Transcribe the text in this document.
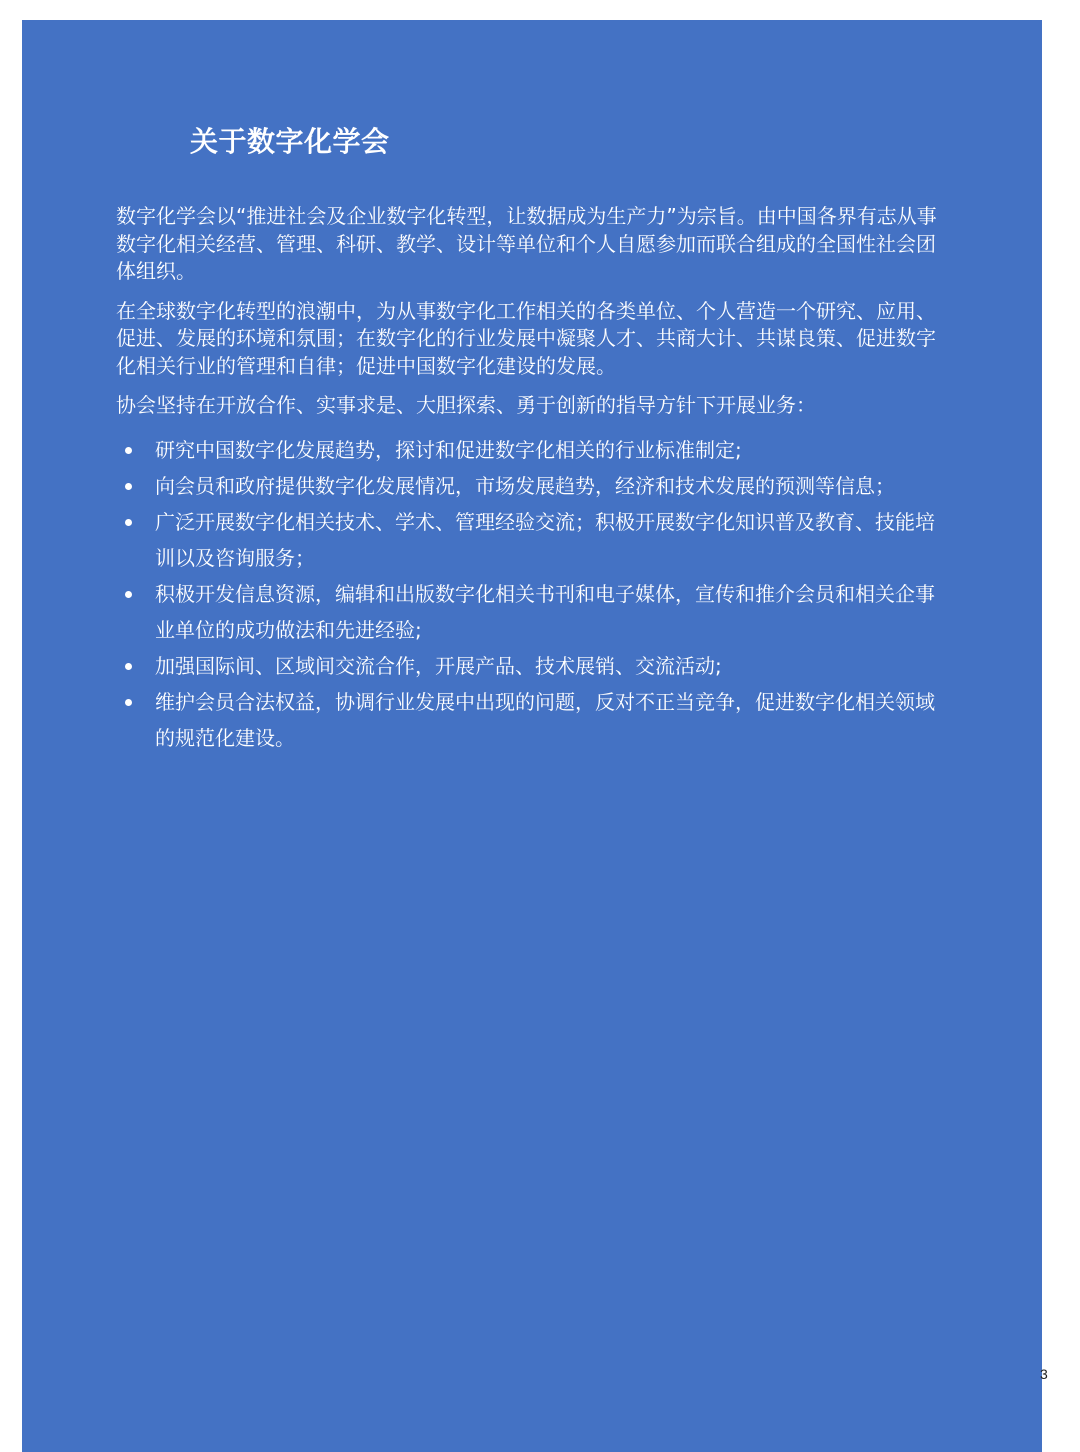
关于数字化学会

数字化学会以“推进社会及企业数字化转型，让数据成为生产力”为宗旨。由中国各界有志从事数字化相关经营、管理、科研、教学、设计等单位和个人自愿参加而联合组成的全国性社会团体组织。

在全球数字化转型的浪潮中，为从事数字化工作相关的各类单位、个人营造一个研究、应用、促进、发展的环境和氛围；在数字化的行业发展中凝聚人才、共商大计、共谋良策、促进数字化相关行业的管理和自律；促进中国数字化建设的发展。

协会坚持在开放合作、实事求是、大胆探索、勇于创新的指导方针下开展业务：

研究中国数字化发展趋势，探讨和促进数字化相关的行业标准制定;
向会员和政府提供数字化发展情况，市场发展趋势，经济和技术发展的预测等信息；
广泛开展数字化相关技术、学术、管理经验交流；积极开展数字化知识普及教育、技能培训以及咨询服务；
积极开发信息资源，编辑和出版数字化相关书刊和电子媒体，宣传和推介会员和相关企事业单位的成功做法和先进经验;
加强国际间、区域间交流合作，开展产品、技术展销、交流活动;
维护会员合法权益，协调行业发展中出现的问题，反对不正当竞争，促进数字化相关领域的规范化建设。
3
